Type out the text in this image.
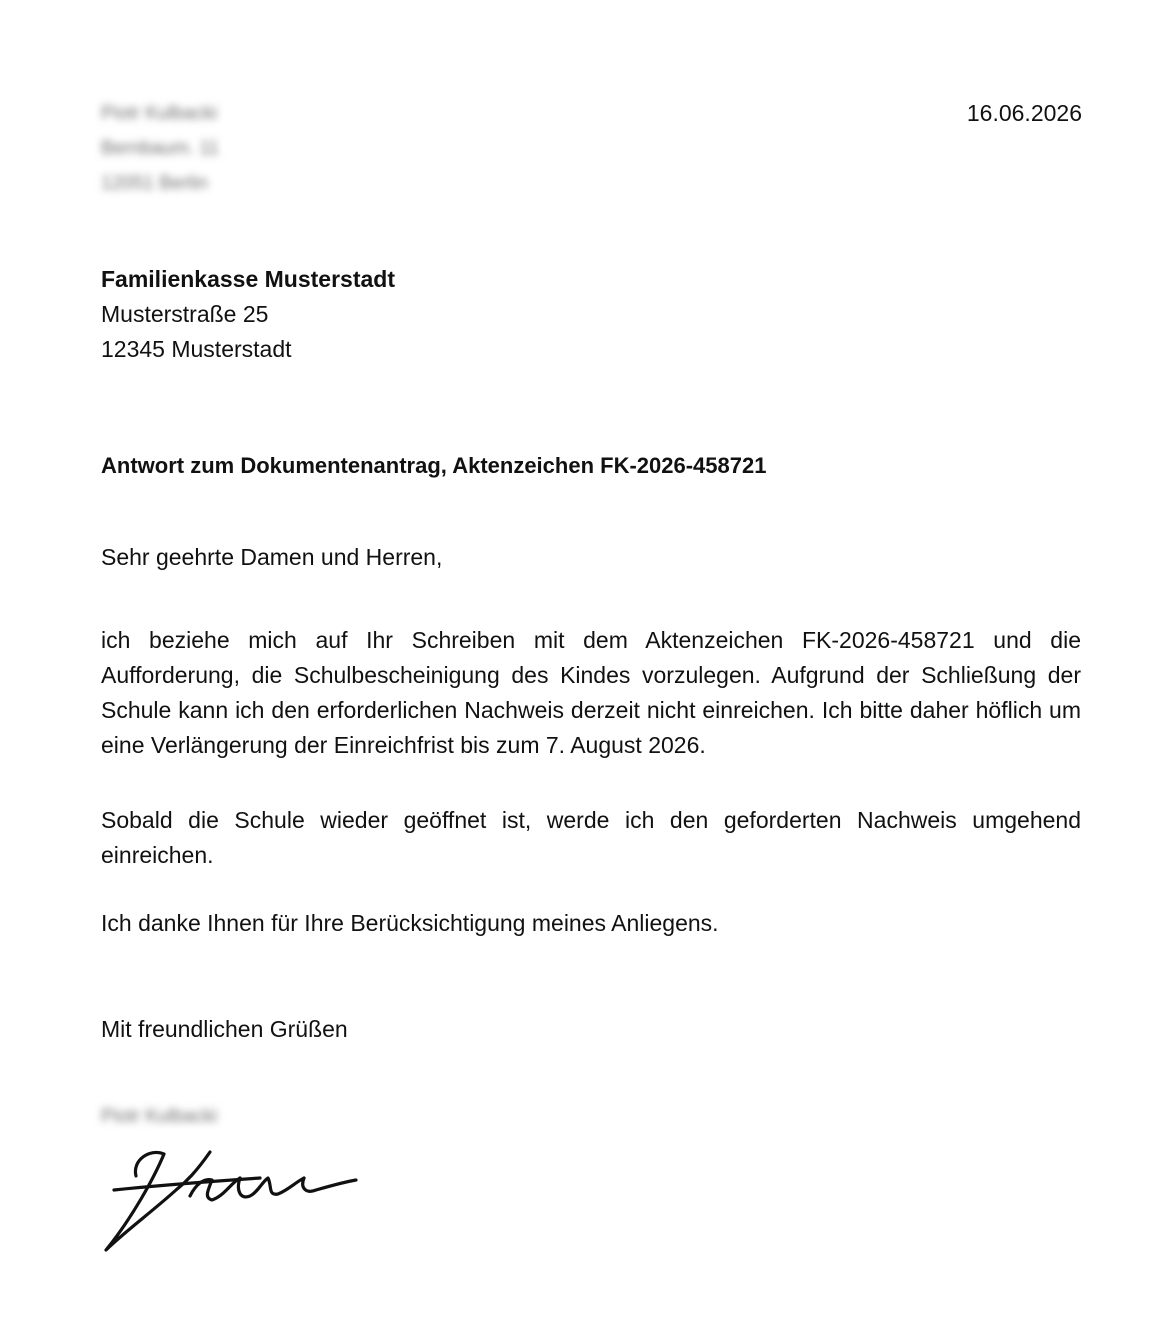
Piotr Kulbacki
Bernbaum. 11
12051 Berlin
16.06.2026
Familienkasse Musterstadt
Musterstraße 25
12345 Musterstadt
Antwort zum Dokumentenantrag, Aktenzeichen FK-2026-458721
Sehr geehrte Damen und Herren,
ich beziehe mich auf Ihr Schreiben mit dem Aktenzeichen FK-2026-458721 und die Aufforderung, die Schulbescheinigung des Kindes vorzulegen. Aufgrund der Schließung der Schule kann ich den erforderlichen Nachweis derzeit nicht einreichen. Ich bitte daher höflich um eine Verlängerung der Einreichfrist bis zum 7. August 2026.
Sobald die Schule wieder geöffnet ist, werde ich den geforderten Nachweis umgehend einreichen.
Ich danke Ihnen für Ihre Berücksichtigung meines Anliegens.
Mit freundlichen Grüßen
Piotr Kulbacki
